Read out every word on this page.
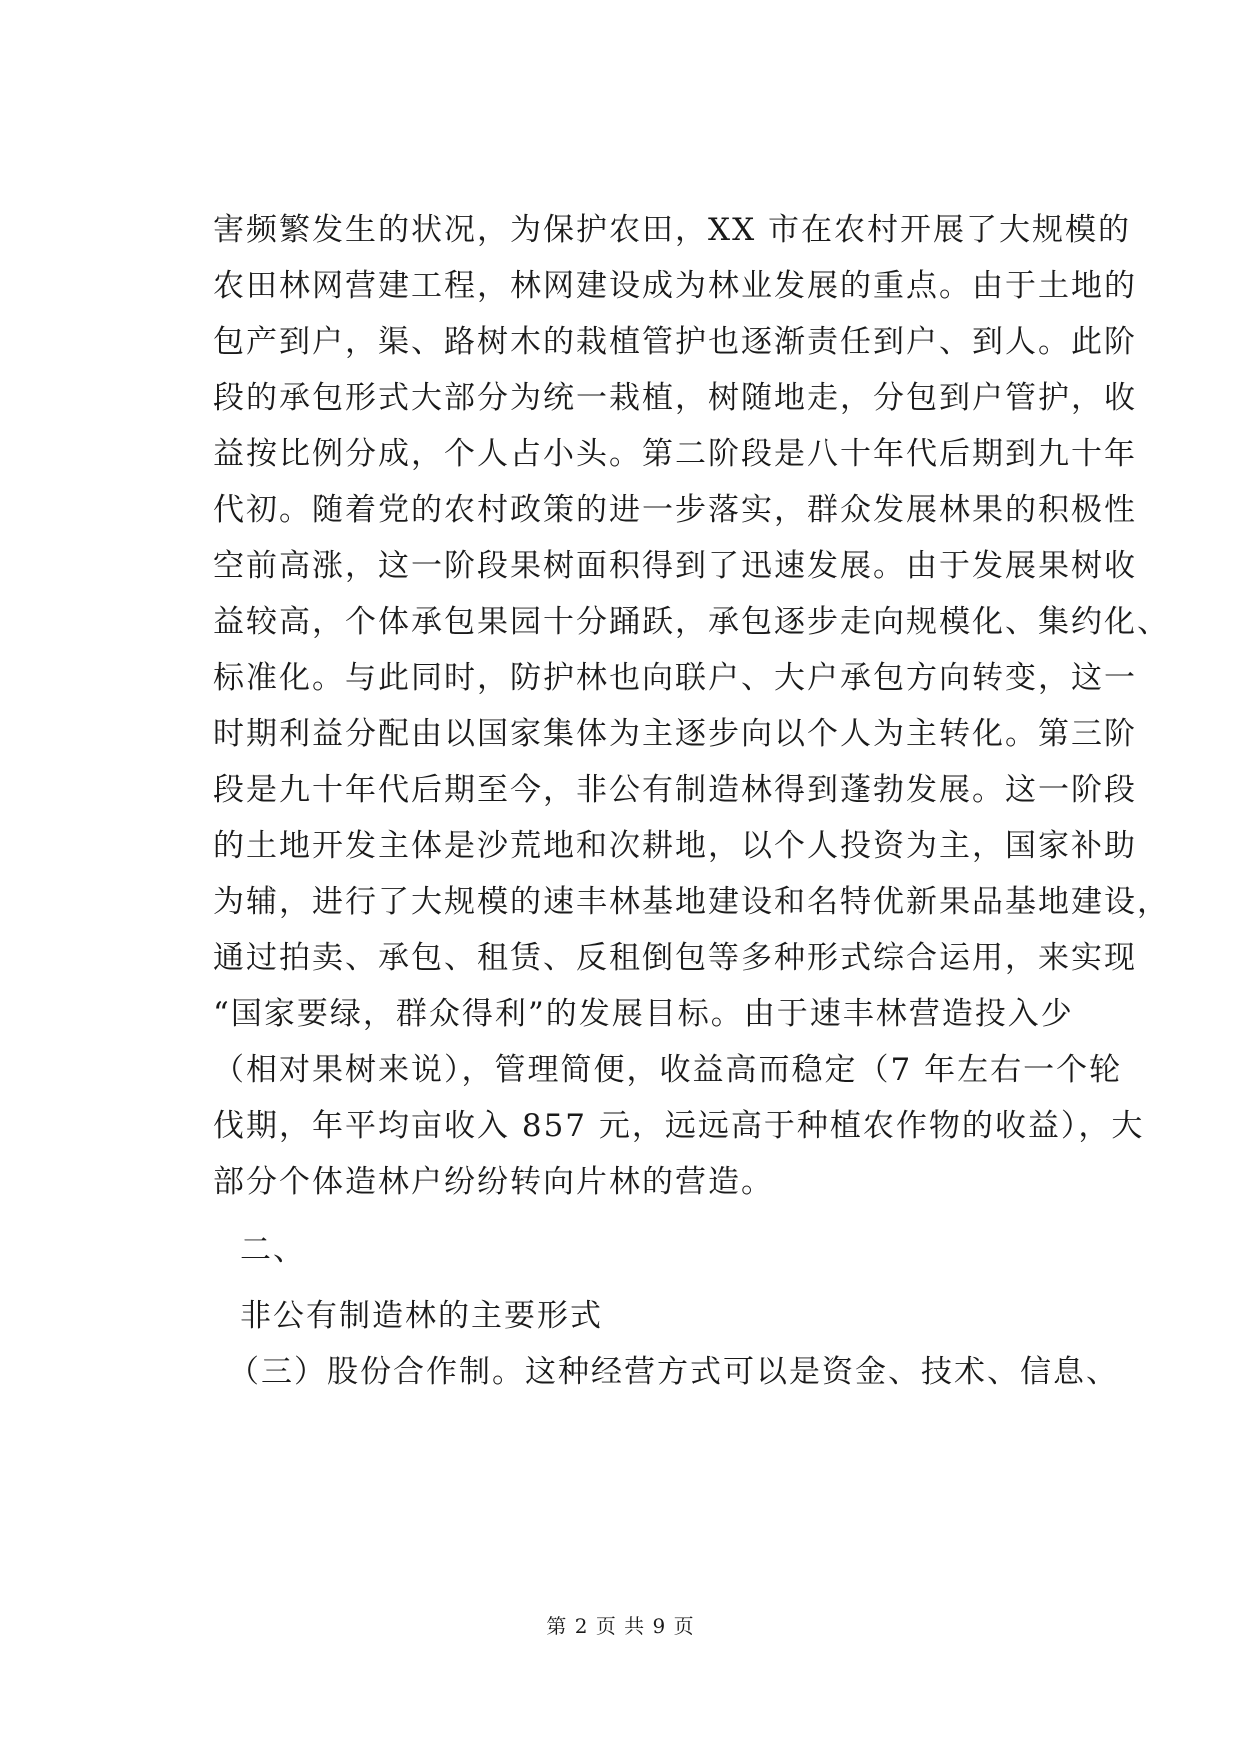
害频繁发生的状况，为保护农田，XX 市在农村开展了大规模的
农田林网营建工程，林网建设成为林业发展的重点。由于土地的
包产到户，渠、路树木的栽植管护也逐渐责任到户、到人。此阶
段的承包形式大部分为统一栽植，树随地走，分包到户管护，收
益按比例分成，个人占小头。第二阶段是八十年代后期到九十年
代初。随着党的农村政策的进一步落实，群众发展林果的积极性
空前高涨，这一阶段果树面积得到了迅速发展。由于发展果树收
益较高，个体承包果园十分踊跃，承包逐步走向规模化、集约化、
标准化。与此同时，防护林也向联户、大户承包方向转变，这一
时期利益分配由以国家集体为主逐步向以个人为主转化。第三阶
段是九十年代后期至今，非公有制造林得到蓬勃发展。这一阶段
的土地开发主体是沙荒地和次耕地，以个人投资为主，国家补助
为辅，进行了大规模的速丰林基地建设和名特优新果品基地建设，
通过拍卖、承包、租赁、反租倒包等多种形式综合运用，来实现
“国家要绿，群众得利”的发展目标。由于速丰林营造投入少
（相对果树来说），管理简便，收益高而稳定（7 年左右一个轮
伐期，年平均亩收入 857 元，远远高于种植农作物的收益），大
部分个体造林户纷纷转向片林的营造。
二、
非公有制造林的主要形式
（三）股份合作制。这种经营方式可以是资金、技术、信息、
第 2 页 共 9 页
